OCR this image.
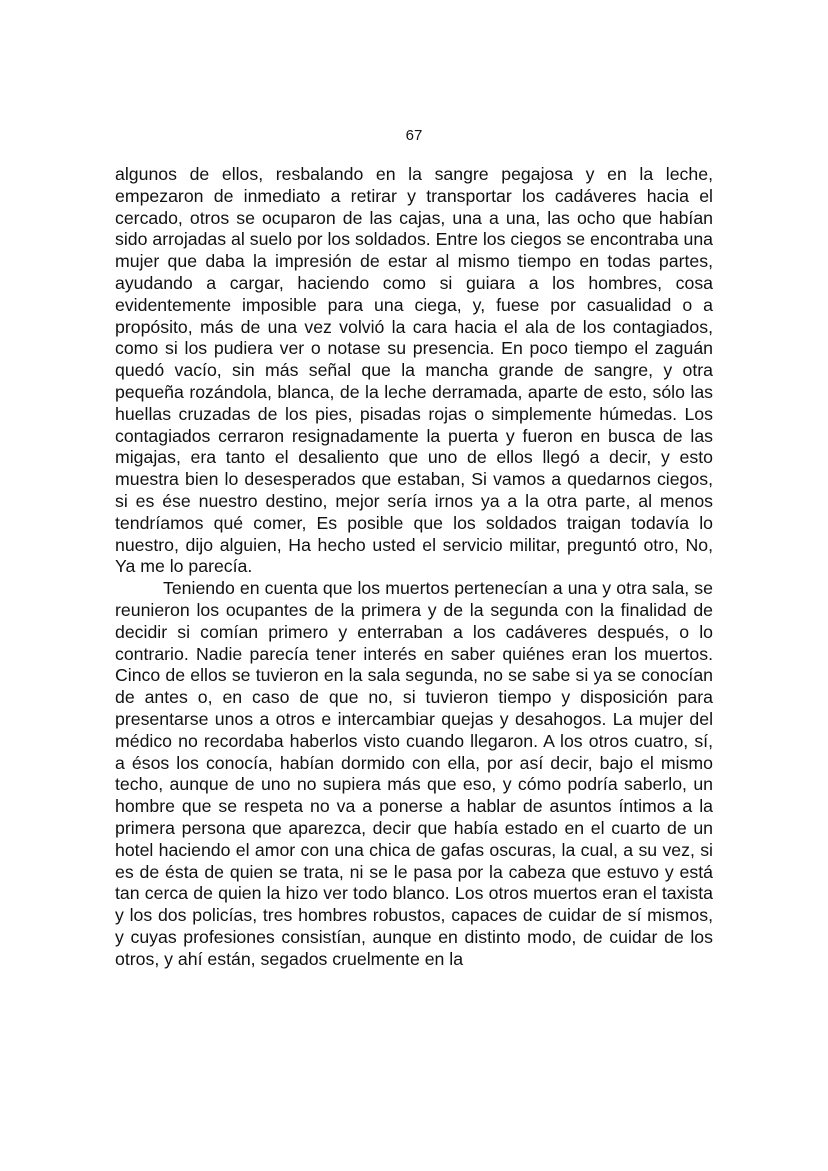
67

algunos de ellos, resbalando en la sangre pegajosa y en la leche, empezaron de inmediato a retirar y transportar los cadáveres hacia el cercado, otros se ocuparon de las cajas, una a una, las ocho que habían sido arrojadas al suelo por los soldados. Entre los ciegos se encontraba una mujer que daba la impresión de estar al mismo tiempo en todas partes, ayudando a cargar, haciendo como si guiara a los hombres, cosa evidentemente imposible para una ciega, y, fuese por casualidad o a propósito, más de una vez volvió la cara hacia el ala de los contagiados, como si los pudiera ver o notase su presencia. En poco tiempo el zaguán quedó vacío, sin más señal que la mancha grande de sangre, y otra pequeña rozándola, blanca, de la leche derramada, aparte de esto, sólo las huellas cruzadas de los pies, pisadas rojas o simplemente húmedas. Los contagiados cerraron resignadamente la puerta y fueron en busca de las migajas, era tanto el desaliento que uno de ellos llegó a decir, y esto muestra bien lo desesperados que estaban, Si vamos a quedarnos ciegos, si es ése nuestro destino, mejor sería irnos ya a la otra parte, al menos tendríamos qué comer, Es posible que los soldados traigan todavía lo nuestro, dijo alguien, Ha hecho usted el servicio militar, preguntó otro, No, Ya me lo parecía.

Teniendo en cuenta que los muertos pertenecían a una y otra sala, se reunieron los ocupantes de la primera y de la segunda con la finalidad de decidir si comían primero y enterraban a los cadáveres después, o lo contrario. Nadie parecía tener interés en saber quiénes eran los muertos. Cinco de ellos se tuvieron en la sala segunda, no se sabe si ya se conocían de antes o, en caso de que no, si tuvieron tiempo y disposición para presentarse unos a otros e intercambiar quejas y desahogos. La mujer del médico no recordaba haberlos visto cuando llegaron. A los otros cuatro, sí, a ésos los conocía, habían dormido con ella, por así decir, bajo el mismo techo, aunque de uno no supiera más que eso, y cómo podría saberlo, un hombre que se respeta no va a ponerse a hablar de asuntos íntimos a la primera persona que aparezca, decir que había estado en el cuarto de un hotel haciendo el amor con una chica de gafas oscuras, la cual, a su vez, si es de ésta de quien se trata, ni se le pasa por la cabeza que estuvo y está tan cerca de quien la hizo ver todo blanco. Los otros muertos eran el taxista y los dos policías, tres hombres robustos, capaces de cuidar de sí mismos, y cuyas profesiones consistían, aunque en distinto modo, de cuidar de los otros, y ahí están, segados cruelmente en la
